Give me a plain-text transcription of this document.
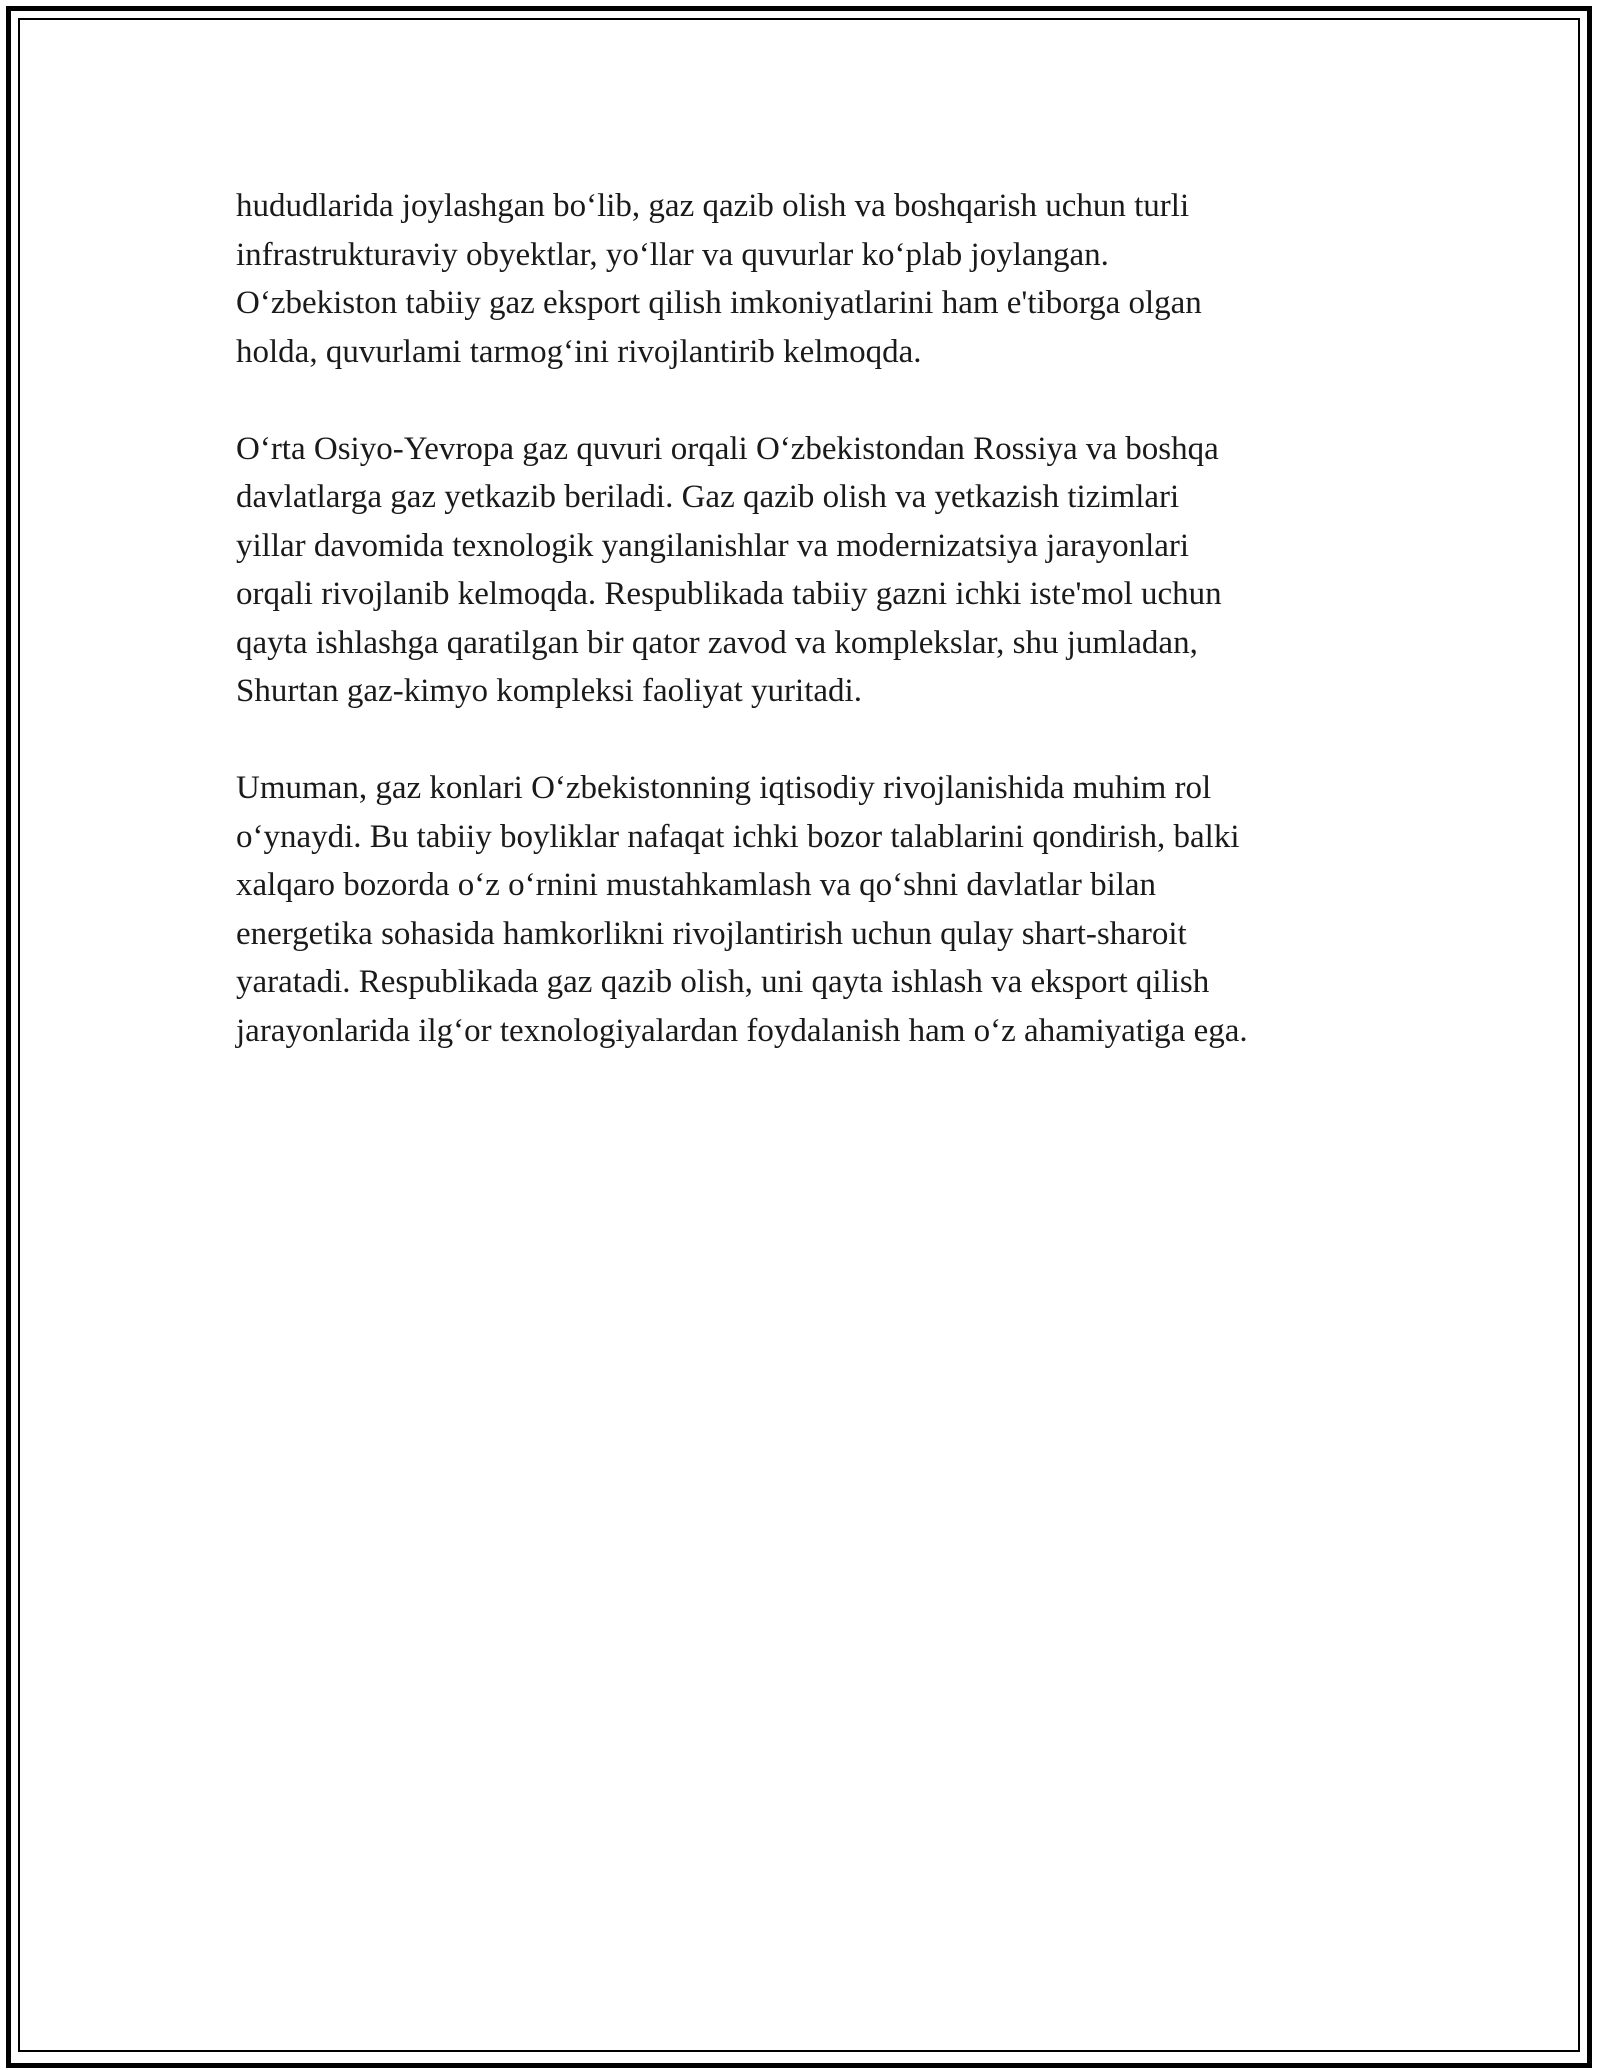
hududlarida joylashgan bo‘lib, gaz qazib olish va boshqarish uchun turli
infrastrukturaviy obyektlar, yo‘llar va quvurlar ko‘plab joylangan.
O‘zbekiston tabiiy gaz eksport qilish imkoniyatlarini ham e'tiborga olgan
holda, quvurlami tarmog‘ini rivojlantirib kelmoqda.

O‘rta Osiyo-Yevropa gaz quvuri orqali O‘zbekistondan Rossiya va boshqa
davlatlarga gaz yetkazib beriladi. Gaz qazib olish va yetkazish tizimlari
yillar davomida texnologik yangilanishlar va modernizatsiya jarayonlari
orqali rivojlanib kelmoqda. Respublikada tabiiy gazni ichki iste'mol uchun
qayta ishlashga qaratilgan bir qator zavod va komplekslar, shu jumladan,
Shurtan gaz-kimyo kompleksi faoliyat yuritadi.

Umuman, gaz konlari O‘zbekistonning iqtisodiy rivojlanishida muhim rol
o‘ynaydi. Bu tabiiy boyliklar nafaqat ichki bozor talablarini qondirish, balki
xalqaro bozorda o‘z o‘rnini mustahkamlash va qo‘shni davlatlar bilan
energetika sohasida hamkorlikni rivojlantirish uchun qulay shart-sharoit
yaratadi. Respublikada gaz qazib olish, uni qayta ishlash va eksport qilish
jarayonlarida ilg‘or texnologiyalardan foydalanish ham o‘z ahamiyatiga ega.
